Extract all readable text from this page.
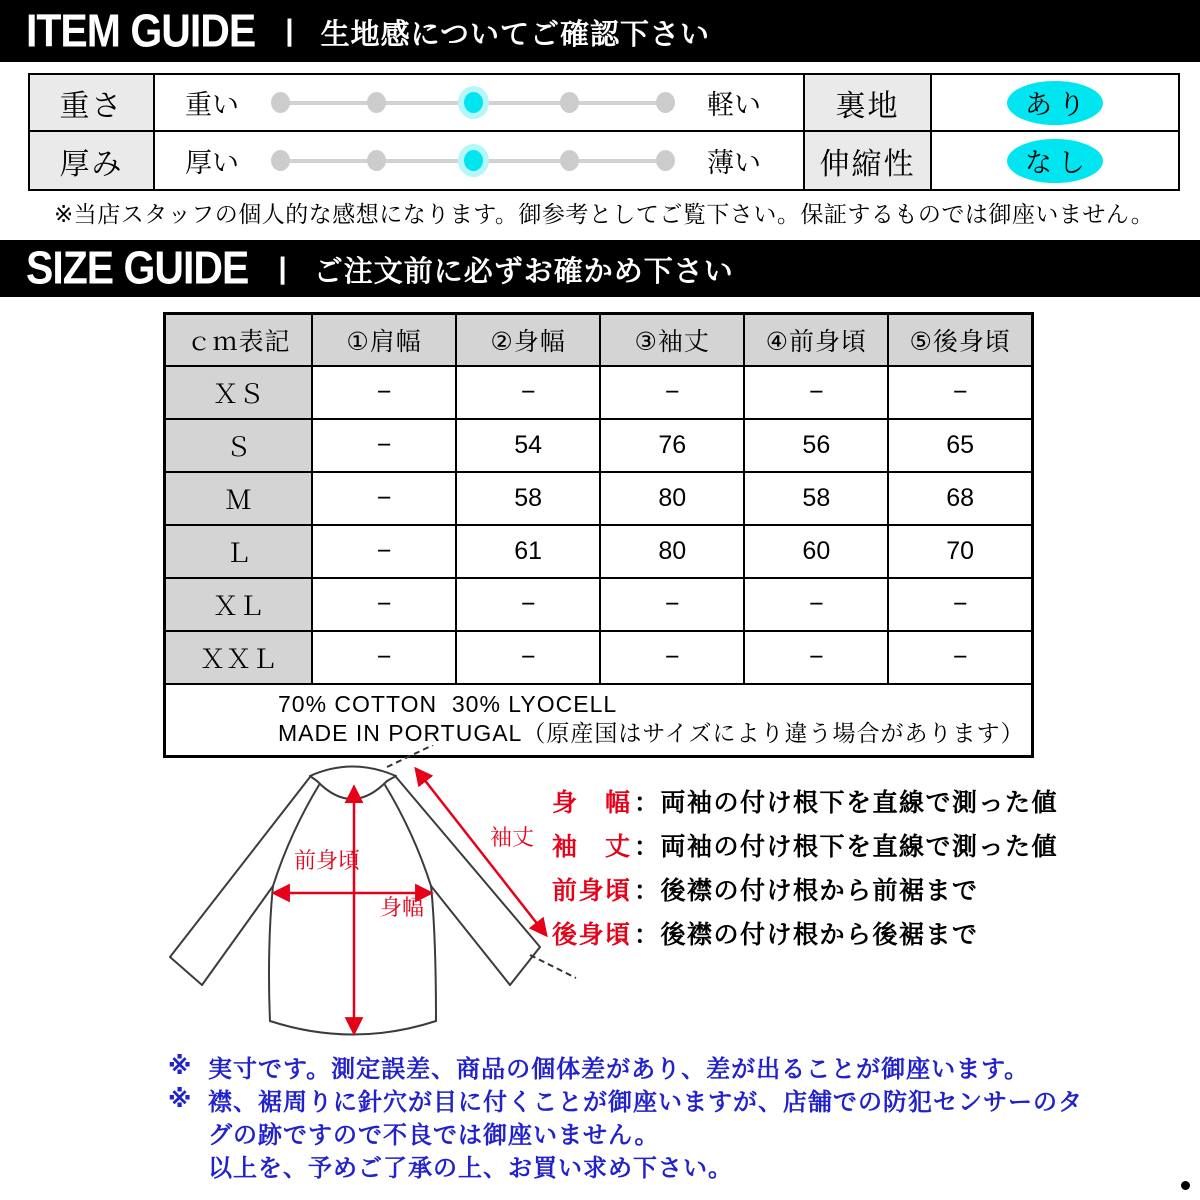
ITEM GUIDE | 生地感についてご確認下さい
重さ	重い	軽い	裏地	あり
厚み	厚い	薄い	伸縮性	なし
※当店スタッフの個人的な感想になります。御参考としてご覧下さい。保証するものでは御座いません。
SIZE GUIDE | ご注文前に必ずお確かめ下さい
ｃｍ表記	①肩幅	②身幅	③袖丈	④前身頃	⑤後身頃
ＸＳ	−	−	−	−	−
Ｓ	−	54	76	56	65
Ｍ	−	58	80	58	68
Ｌ	−	61	80	60	70
ＸＬ	−	−	−	−	−
ＸＸＬ	−	−	−	−	−

70% COTTON  30% LYOCELL
MADE IN PORTUGAL（原産国はサイズにより違う場合があります）					
前身頃
身幅
袖丈
身　幅 ： 両袖の付け根下を直線で測った値
袖　丈 ： 両袖の付け根下を直線で測った値
前身頃 ： 後襟の付け根から前裾まで
後身頃 ： 後襟の付け根から後裾まで
※ 実寸です。測定誤差、商品の個体差があり、差が出ることが御座います。
※ 襟、裾周りに針穴が目に付くことが御座いますが、店舗での防犯センサーのタ
グの跡ですので不良では御座いません。
以上を、予めご了承の上、お買い求め下さい。
